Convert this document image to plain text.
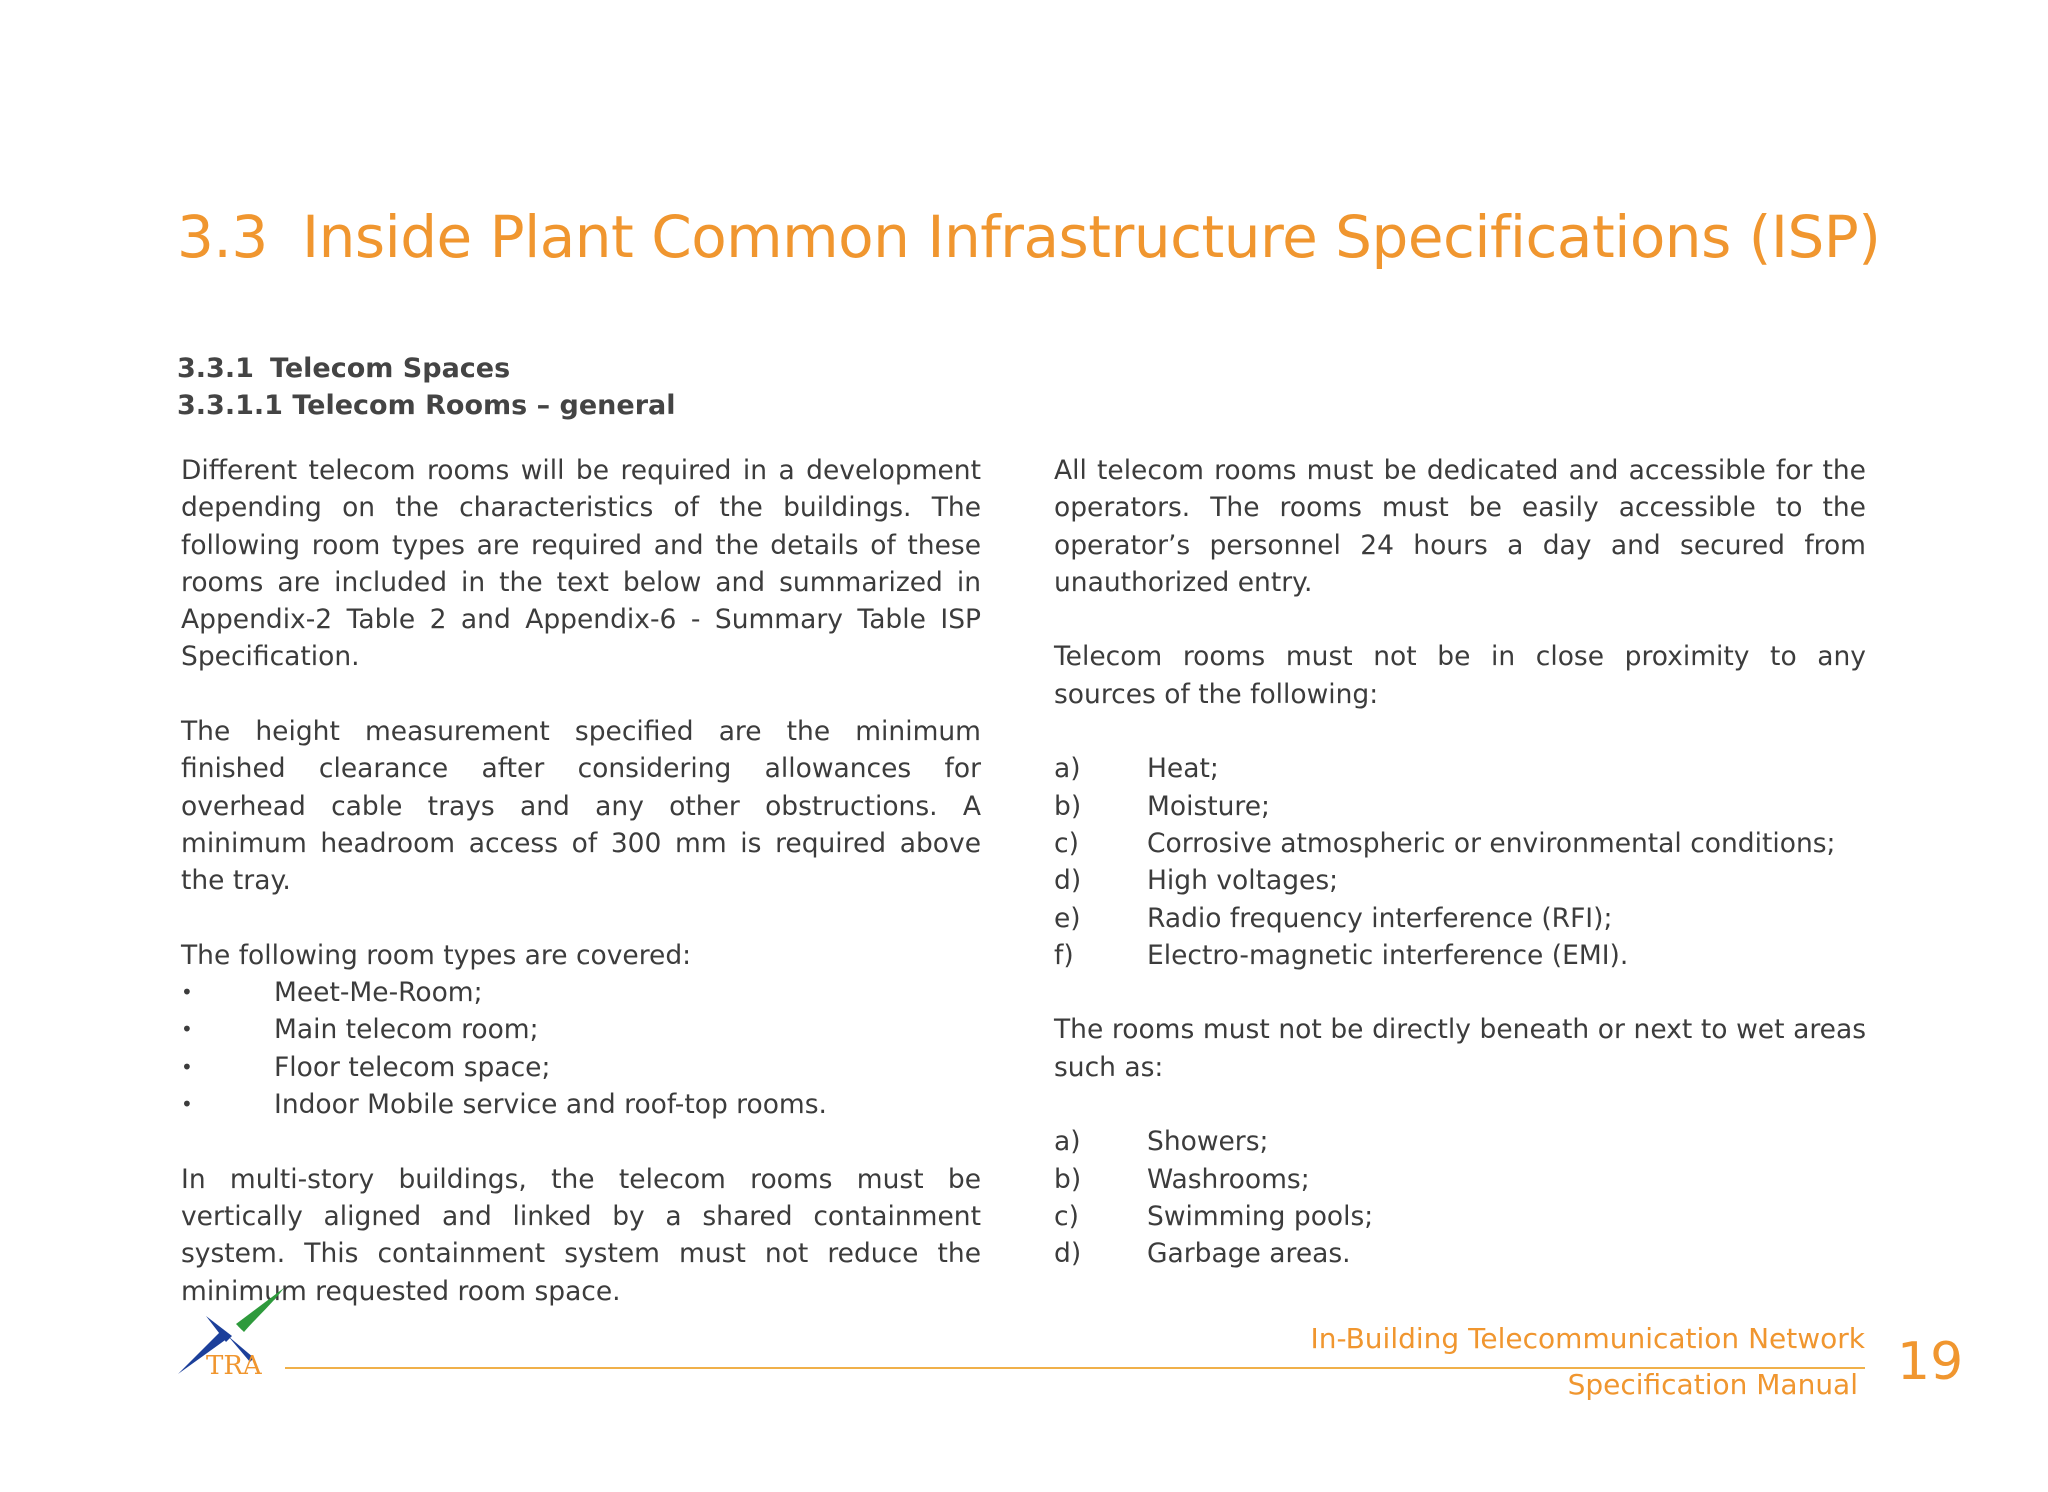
3.3 Inside Plant Common Infrastructure Specifications (ISP)
3.3.1 Telecom Spaces
3.3.1.1 Telecom Rooms – general

Different telecom rooms will be required in a development depending on the characteristics of the buildings. The following room types are required and the details of these rooms are included in the text below and summarized in Appendix-2 Table 2 and Appendix-6 - Summary Table ISP Specification.

The height measurement specified are the minimum finished clearance after considering allowances for overhead cable trays and any other obstructions. A minimum headroom access of 300 mm is required above the tray.

The following room types are covered:

•	Meet-Me-Room;
•	Main telecom room;
•	Floor telecom space;
•	Indoor Mobile service and roof-top rooms.

In multi-story buildings, the telecom rooms must be vertically aligned and linked by a shared containment system. This containment system must not reduce the minimum requested room space.

All telecom rooms must be dedicated and accessible for the operators. The rooms must be easily accessible to the operator’s personnel 24 hours a day and secured from unauthorized entry.

Telecom rooms must not be in close proximity to any sources of the following:

a)	Heat;
b)	Moisture;
c)	Corrosive atmospheric or environmental conditions;
d)	High voltages;
e)	Radio frequency interference (RFI);
f)	Electro-magnetic interference (EMI).

The rooms must not be directly beneath or next to wet areas such as:

a)	Showers;
b)	Washrooms;
c)	Swimming pools;
d)	Garbage areas.
TRA
In-Building Telecommunication Network
Specification Manual 19
